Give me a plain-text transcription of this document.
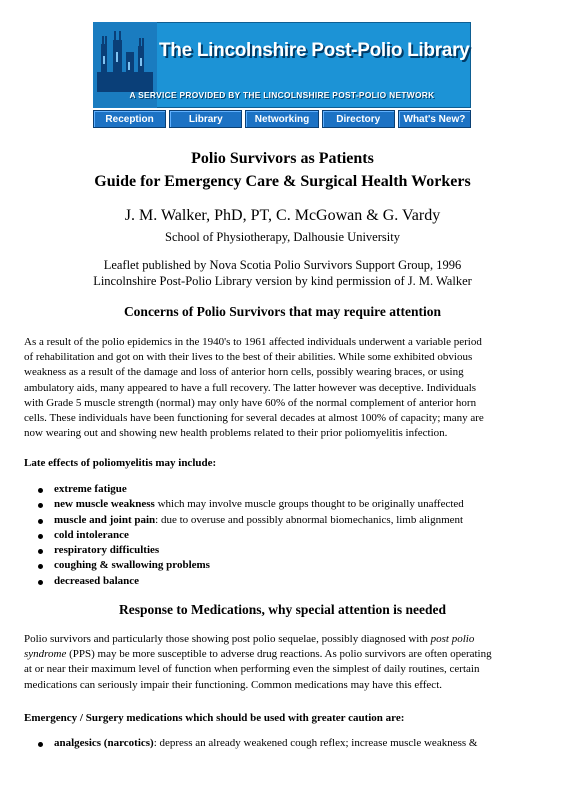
The Lincolnshire Post-Polio Library
A SERVICE PROVIDED BY THE LINCOLNSHIRE POST-POLIO NETWORK
Reception	Library	Networking	Directory	What's New?
Polio Survivors as Patients
Guide for Emergency Care & Surgical Health Workers
J. M. Walker, PhD, PT, C. McGowan & G. Vardy
School of Physiotherapy, Dalhousie University
Leaflet published by Nova Scotia Polio Survivors Support Group, 1996
Lincolnshire Post-Polio Library version by kind permission of J. M. Walker
Concerns of Polio Survivors that may require attention
As a result of the polio epidemics in the 1940's to 1961 affected individuals underwent a variable period
of rehabilitation and got on with their lives to the best of their abilities. While some exhibited obvious
weakness as a result of the damage and loss of anterior horn cells, possibly wearing braces, or using
ambulatory aids, many appeared to have a full recovery. The latter however was deceptive. Individuals
with Grade 5 muscle strength (normal) may only have 60% of the normal complement of anterior horn
cells. These individuals have been functioning for several decades at almost 100% of capacity; many are
now wearing out and showing new health problems related to their prior poliomyelitis infection.
Late effects of poliomyelitis may include:
extreme fatigue
new muscle weakness which may involve muscle groups thought to be originally unaffected
muscle and joint pain: due to overuse and possibly abnormal biomechanics, limb alignment
cold intolerance
respiratory difficulties
coughing & swallowing problems
decreased balance
Response to Medications, why special attention is needed
Polio survivors and particularly those showing post polio sequelae, possibly diagnosed with post polio
syndrome (PPS) may be more susceptible to adverse drug reactions. As polio survivors are often operating
at or near their maximum level of function when performing even the simplest of daily routines, certain
medications can seriously impair their functioning. Common medications may have this effect.
Emergency / Surgery medications which should be used with greater caution are:
analgesics (narcotics): depress an already weakened cough reflex; increase muscle weakness &
